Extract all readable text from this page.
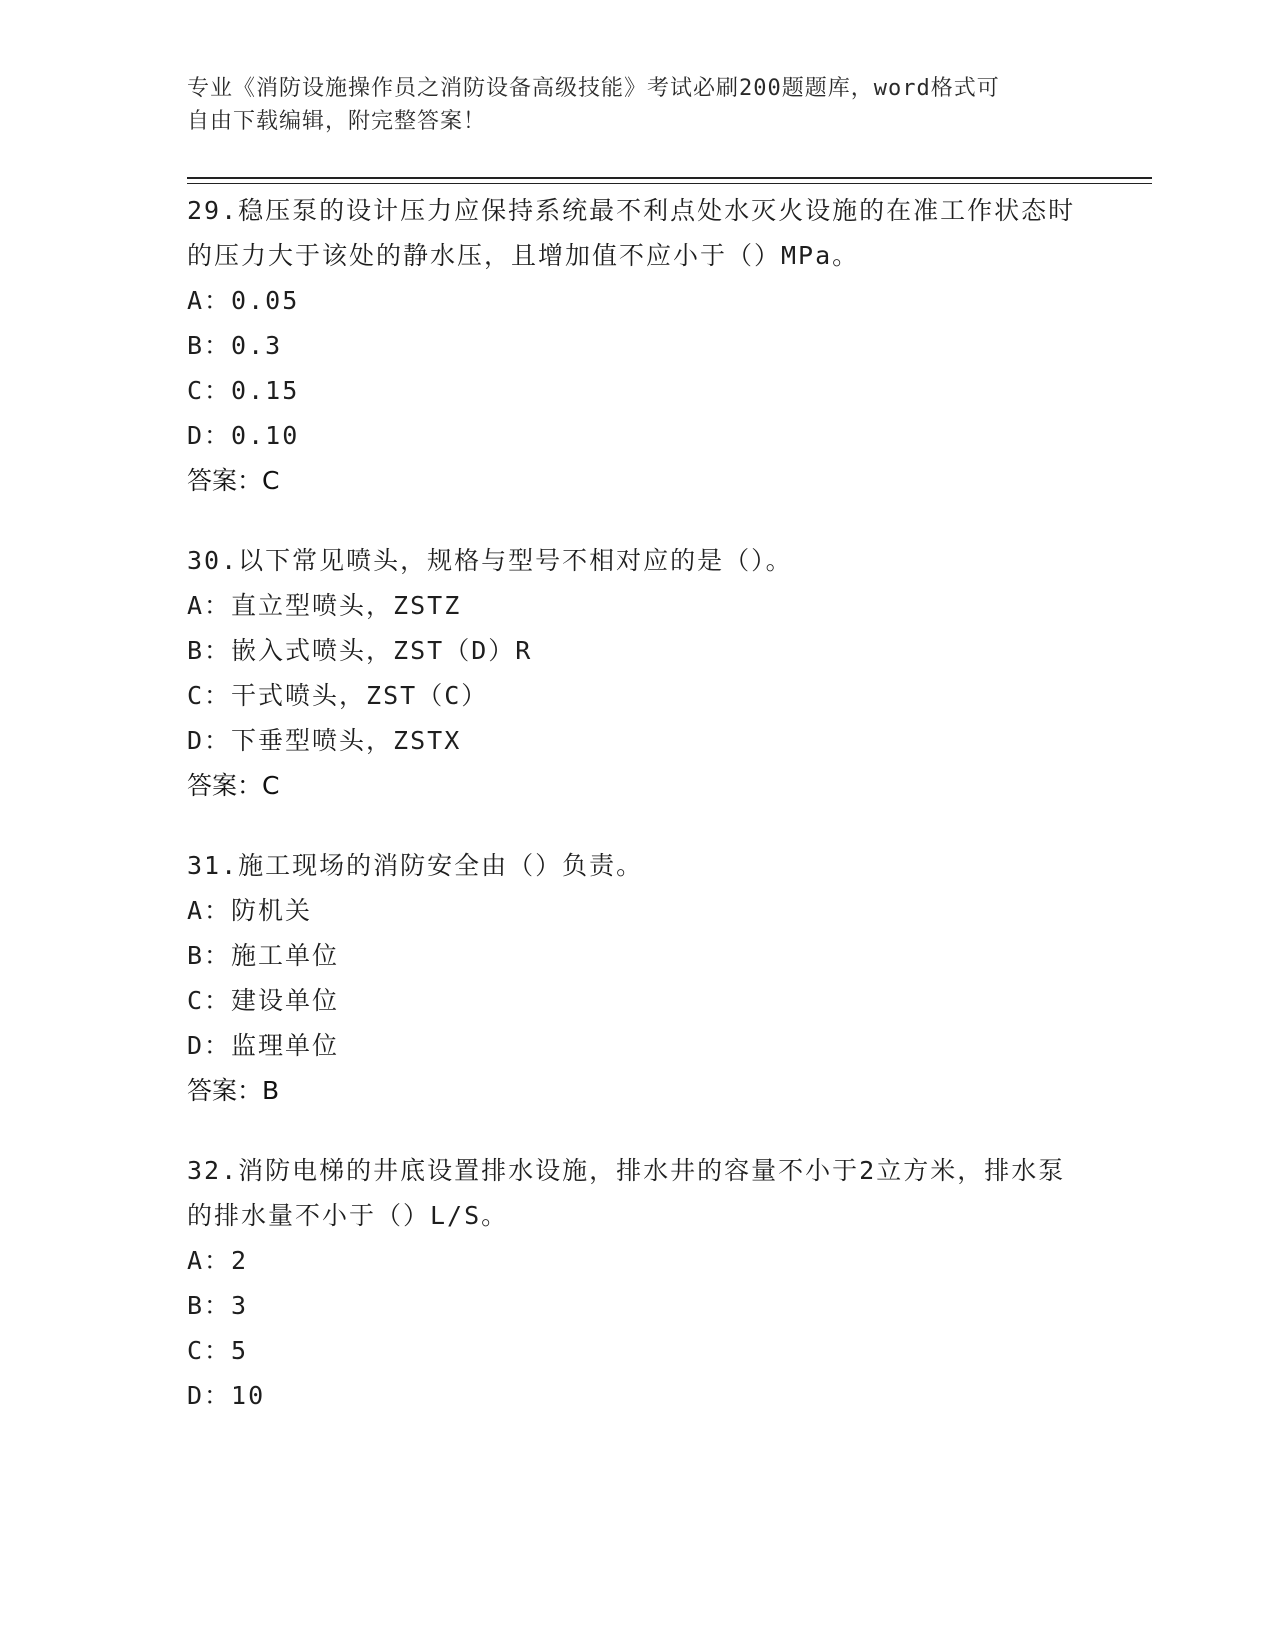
专业《消防设施操作员之消防设备高级技能》考试必刷200题题库，word格式可
自由下载编辑，附完整答案！

29.稳压泵的设计压力应保持系统最不利点处水灭火设施的在准工作状态时的压力大于该处的静水压，且增加值不应小于（）MPa。

A：0.05

B：0.3

C：0.15

D：0.10

答案：C

30.以下常见喷头，规格与型号不相对应的是（）。

A：直立型喷头，ZSTZ

B：嵌入式喷头，ZST（D）R

C：干式喷头，ZST（C）

D：下垂型喷头，ZSTX

答案：C

31.施工现场的消防安全由（）负责。

A：防机关

B：施工单位

C：建设单位

D：监理单位

答案：B

32.消防电梯的井底设置排水设施，排水井的容量不小于2立方米，排水泵的排水量不小于（）L/S。

A：2

B：3

C：5

D：10
